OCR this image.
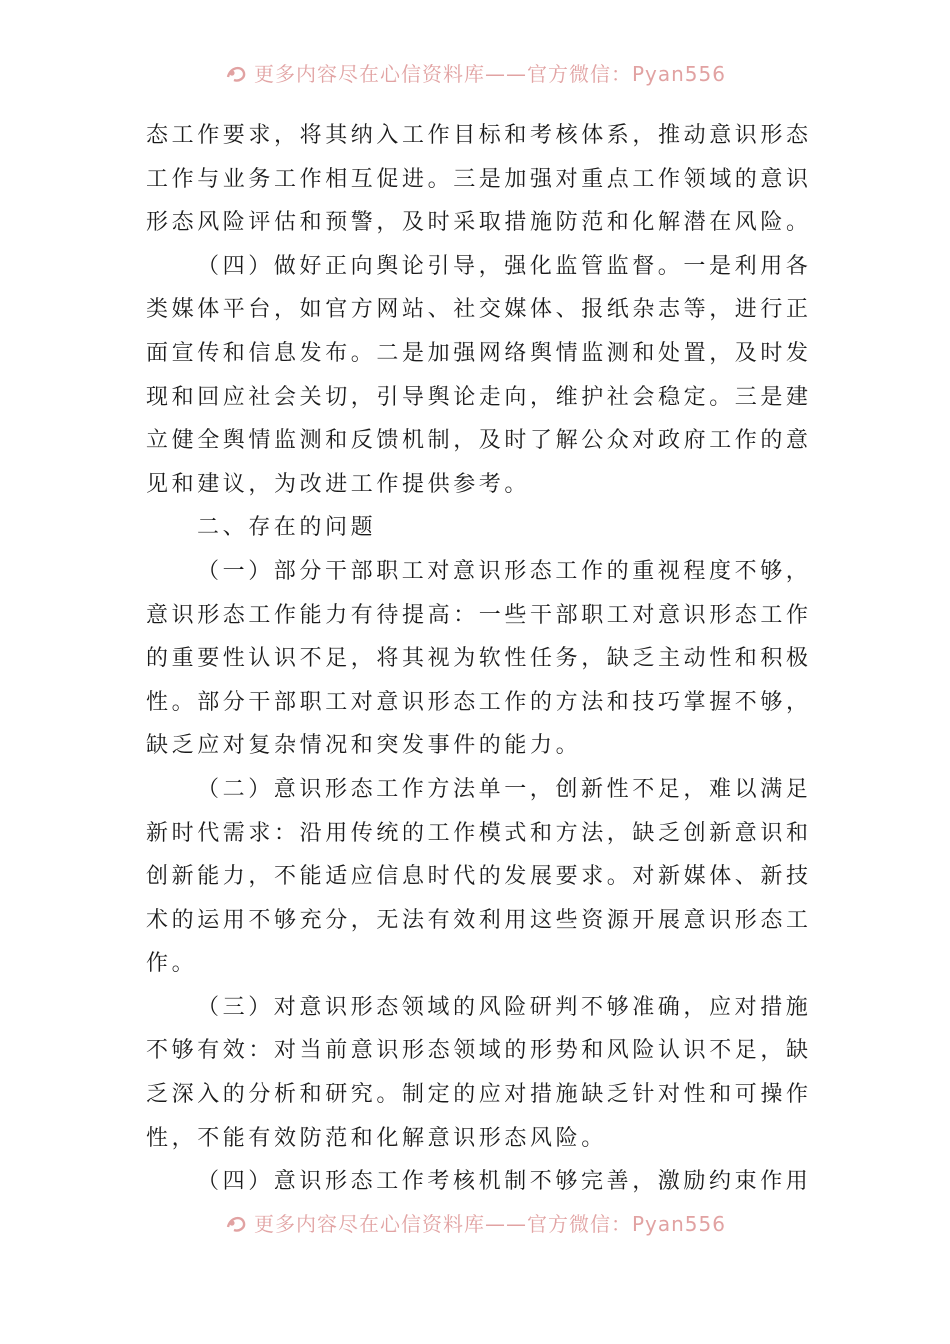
更多内容尽在心信资料库——官方微信：Pyan556

态工作要求，将其纳入工作目标和考核体系，推动意识形态
工作与业务工作相互促进。三是加强对重点工作领域的意识
形态风险评估和预警，及时采取措施防范和化解潜在风险。

（四）做好正向舆论引导，强化监管监督。一是利用各
类媒体平台，如官方网站、社交媒体、报纸杂志等，进行正
面宣传和信息发布。二是加强网络舆情监测和处置，及时发
现和回应社会关切，引导舆论走向，维护社会稳定。三是建
立健全舆情监测和反馈机制，及时了解公众对政府工作的意
见和建议，为改进工作提供参考。

二、存在的问题

（一）部分干部职工对意识形态工作的重视程度不够，
意识形态工作能力有待提高：一些干部职工对意识形态工作
的重要性认识不足，将其视为软性任务，缺乏主动性和积极
性。部分干部职工对意识形态工作的方法和技巧掌握不够，
缺乏应对复杂情况和突发事件的能力。

（二）意识形态工作方法单一，创新性不足，难以满足
新时代需求：沿用传统的工作模式和方法，缺乏创新意识和
创新能力，不能适应信息时代的发展要求。对新媒体、新技
术的运用不够充分，无法有效利用这些资源开展意识形态工
作。

（三）对意识形态领域的风险研判不够准确，应对措施
不够有效：对当前意识形态领域的形势和风险认识不足，缺
乏深入的分析和研究。制定的应对措施缺乏针对性和可操作
性，不能有效防范和化解意识形态风险。

（四）意识形态工作考核机制不够完善，激励约束作用

更多内容尽在心信资料库——官方微信：Pyan556
